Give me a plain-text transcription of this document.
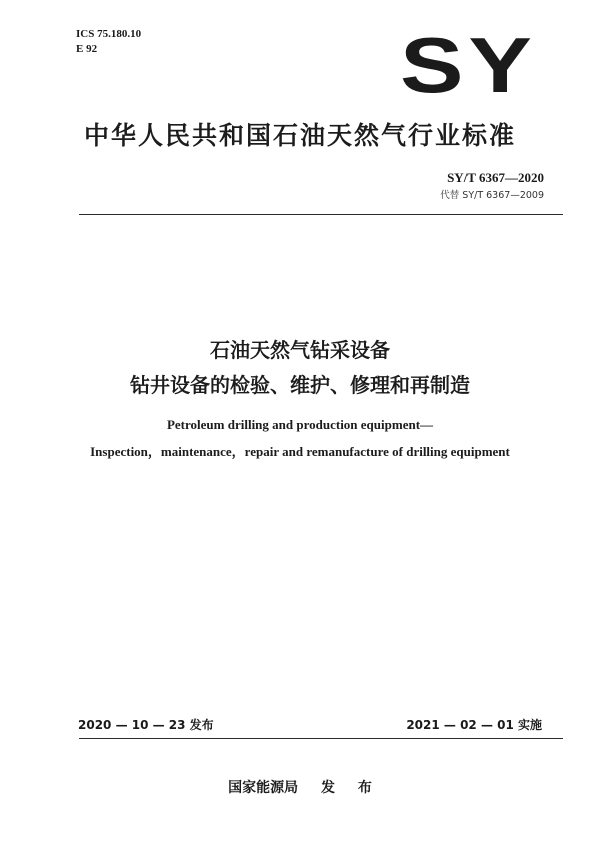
ICS 75.180.10
E 92	SY
中华人民共和国石油天然气行业标准
SY/T 6367—2020
代替 SY/T 6367—2009
石油天然气钻采设备
钻井设备的检验、维护、修理和再制造
Petroleum drilling and production equipment—
Inspection，maintenance，repair and remanufacture of drilling equipment
2020 — 10 — 23 发布	2021 — 02 — 01 实施
国家能源局 发 布
